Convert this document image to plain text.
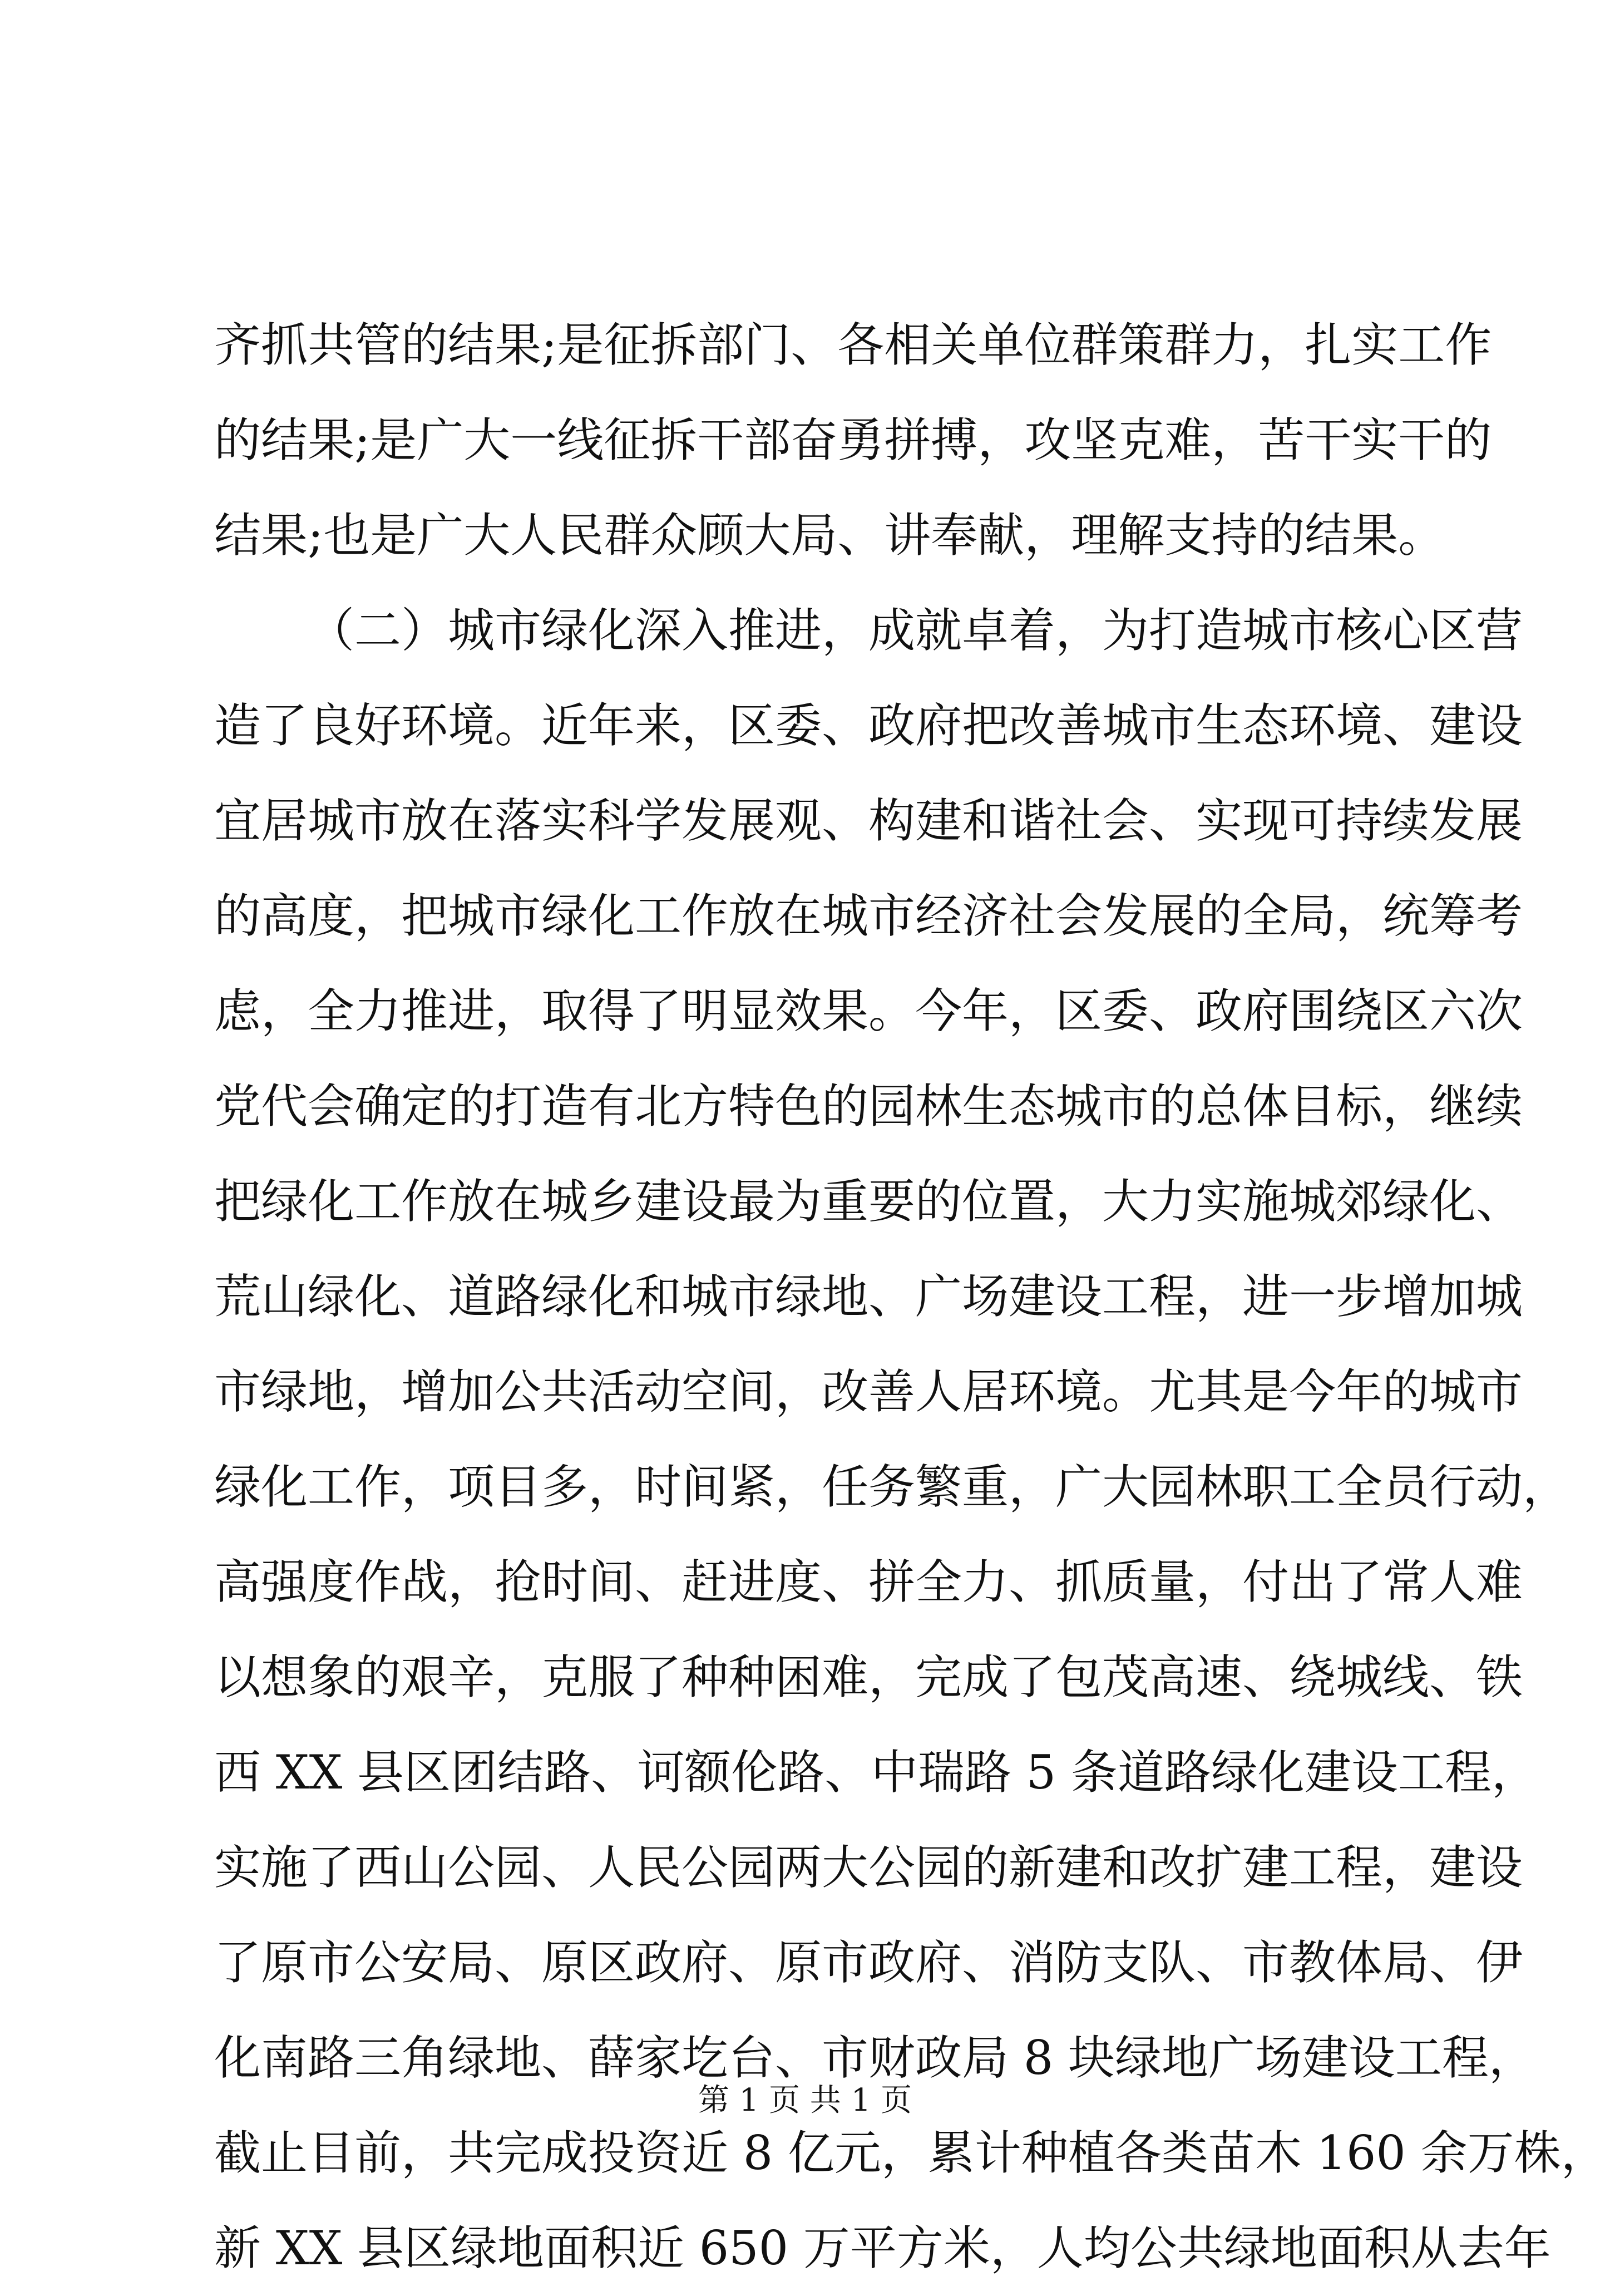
齐抓共管的结果;是征拆部门、各相关单位群策群力，扎实工作
的结果;是广大一线征拆干部奋勇拼搏，攻坚克难，苦干实干的
结果;也是广大人民群众顾大局、讲奉献，理解支持的结果。
（二）城市绿化深入推进，成就卓着，为打造城市核心区营
造了良好环境。近年来，区委、政府把改善城市生态环境、建设
宜居城市放在落实科学发展观、构建和谐社会、实现可持续发展
的高度，把城市绿化工作放在城市经济社会发展的全局，统筹考
虑，全力推进，取得了明显效果。今年，区委、政府围绕区六次
党代会确定的打造有北方特色的园林生态城市的总体目标，继续
把绿化工作放在城乡建设最为重要的位置，大力实施城郊绿化、
荒山绿化、道路绿化和城市绿地、广场建设工程，进一步增加城
市绿地，增加公共活动空间，改善人居环境。尤其是今年的城市
绿化工作，项目多，时间紧，任务繁重，广大园林职工全员行动，
高强度作战，抢时间、赶进度、拼全力、抓质量，付出了常人难
以想象的艰辛，克服了种种困难，完成了包茂高速、绕城线、铁
西 XX 县区团结路、诃额伦路、中瑞路 5 条道路绿化建设工程，
实施了西山公园、人民公园两大公园的新建和改扩建工程，建设
了原市公安局、原区政府、原市政府、消防支队、市教体局、伊
化南路三角绿地、薛家圪台、市财政局 8 块绿地广场建设工程，
截止目前，共完成投资近 8 亿元，累计种植各类苗木 160 余万株，
新 XX 县区绿地面积近 650 万平方米，人均公共绿地面积从去年
第 1 页 共 1 页
